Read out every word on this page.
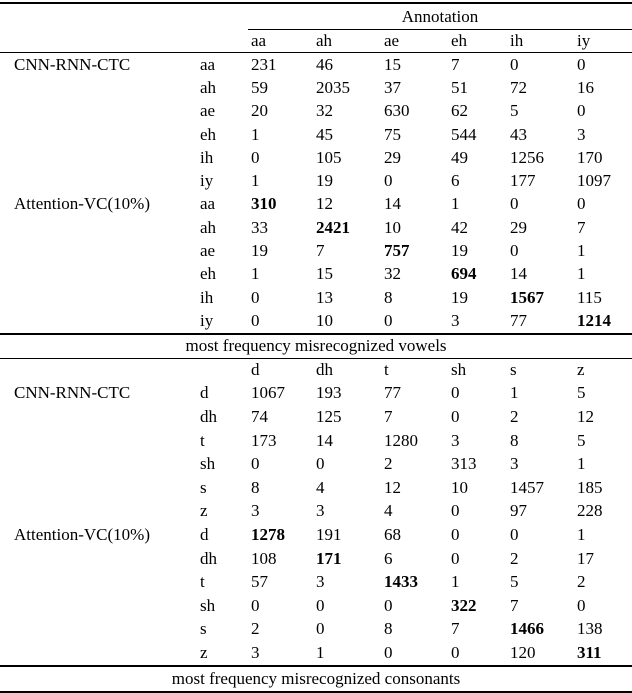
		Annotation					
		aa	ah	ae	eh	ih	iy
CNN-RNN-CTC	aa	231	46	15	7	0	0
	ah	59	2035	37	51	72	16
	ae	20	32	630	62	5	0
	eh	1	45	75	544	43	3
	ih	0	105	29	49	1256	170
	iy	1	19	0	6	177	1097
Attention-VC(10%)	aa	310	12	14	1	0	0
	ah	33	2421	10	42	29	7
	ae	19	7	757	19	0	1
	eh	1	15	32	694	14	1
	ih	0	13	8	19	1567	115
	iy	0	10	0	3	77	1214
most frequency misrecognized vowels							
		d	dh	t	sh	s	z
CNN-RNN-CTC	d	1067	193	77	0	1	5
	dh	74	125	7	0	2	12
	t	173	14	1280	3	8	5
	sh	0	0	2	313	3	1
	s	8	4	12	10	1457	185
	z	3	3	4	0	97	228
Attention-VC(10%)	d	1278	191	68	0	0	1
	dh	108	171	6	0	2	17
	t	57	3	1433	1	5	2
	sh	0	0	0	322	7	0
	s	2	0	8	7	1466	138
	z	3	1	0	0	120	311
most frequency misrecognized consonants							
